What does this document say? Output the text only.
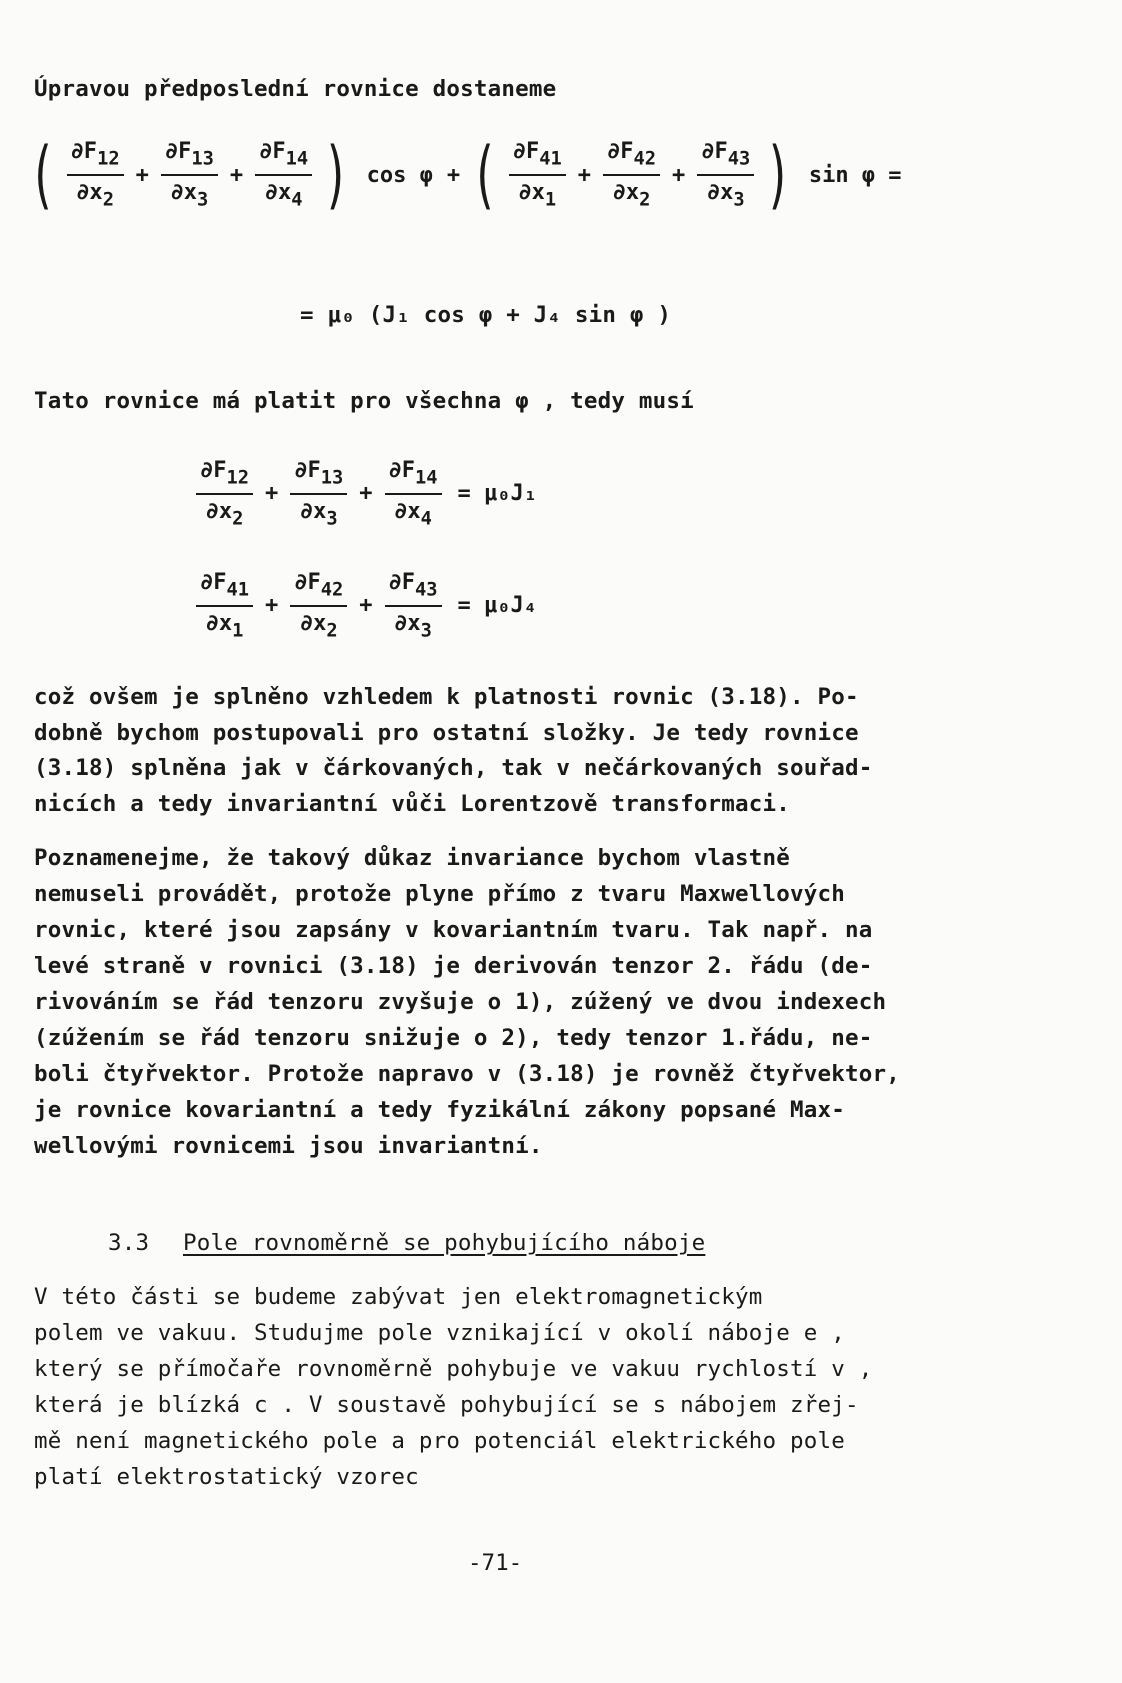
Úpravou předposlední rovnice dostaneme
( $\frac{\partial F_{12}}{\partial x_2} + \frac{\partial F_{13}}{\partial x_3} + \frac{\partial F_{14}}{\partial x_4}$ ) cos φ + ( $\frac{\partial F_{41}}{\partial x_1} + \frac{\partial F_{42}}{\partial x_2} + \frac{\partial F_{43}}{\partial x_3}$ ) sin φ =
= μ₀ (J₁ cos φ + J₄ sin φ )
Tato rovnice má platit pro všechna φ , tedy musí
$\frac{\partial F_{12}}{\partial x_2} + \frac{\partial F_{13}}{\partial x_3} + \frac{\partial F_{14}}{\partial x_4} = \mu_0J_1$
$\frac{\partial F_{41}}{\partial x_1} + \frac{\partial F_{42}}{\partial x_2} + \frac{\partial F_{43}}{\partial x_3} = \mu_0J_4$
což ovšem je splněno vzhledem k platnosti rovnic (3.18). Po-
dobně bychom postupovali pro ostatní složky. Je tedy rovnice
(3.18) splněna jak v čárkovaných, tak v nečárkovaných souřad-
nicích a tedy invariantní vůči Lorentzově transformaci.
Poznamenejme, že takový důkaz invariance bychom vlastně
nemuseli provádět, protože plyne přímo z tvaru Maxwellových
rovnic, které jsou zapsány v kovariantním tvaru. Tak např. na
levé straně v rovnici (3.18) je derivován tenzor 2. řádu (de-
rivováním se řád tenzoru zvyšuje o 1), zúžený ve dvou indexech
(zúžením se řád tenzoru snižuje o 2), tedy tenzor 1.řádu, ne-
boli čtyřvektor. Protože napravo v (3.18) je rovněž čtyřvektor,
je rovnice kovariantní a tedy fyzikální zákony popsané Max-
wellovými rovnicemi jsou invariantní.
3.3 Pole rovnoměrně se pohybujícího náboje
V této části se budeme zabývat jen elektromagnetickým
polem ve vakuu. Studujme pole vznikající v okolí náboje e ,
který se přímočaře rovnoměrně pohybuje ve vakuu rychlostí v ,
která je blízká c . V soustavě pohybující se s nábojem zřej-
mě není magnetického pole a pro potenciál elektrického pole
platí elektrostatický vzorec
-71-
